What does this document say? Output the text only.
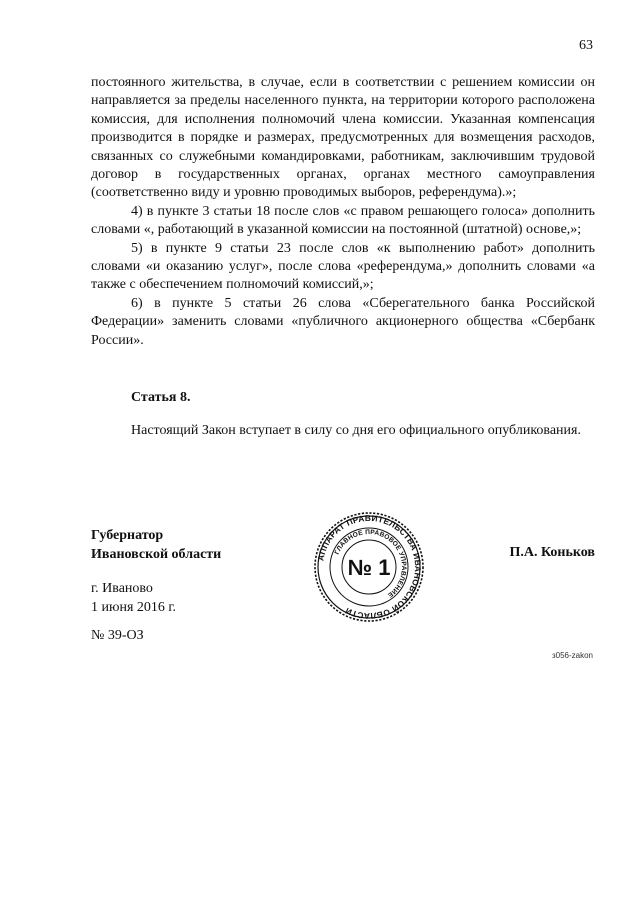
63

постоянного жительства, в случае, если в соответствии с решением комиссии он направляется за пределы населенного пункта, на территории которого расположена комиссия, для исполнения полномочий члена комиссии. Указанная компенсация производится в порядке и размерах, предусмотренных для возмещения расходов, связанных со служебными командировками, работникам, заключившим трудовой договор в государственных органах, органах местного самоуправления (соответственно виду и уровню проводимых выборов, референдума).»;

4) в пункте 3 статьи 18 после слов «с правом решающего голоса» дополнить словами «, работающий в указанной комиссии на постоянной (штатной) основе,»;

5) в пункте 9 статьи 23 после слов «к выполнению работ» дополнить словами «и оказанию услуг», после слова «референдума,» дополнить словами «а также с обеспечением полномочий комиссий,»;

6) в пункте 5 статьи 26 слова «Сберегательного банка Российской Федерации» заменить словами «публичного акционерного общества «Сбербанк России».

Статья 8.

Настоящий Закон вступает в силу со дня его официального опубликования.

Губернатор
Ивановской области	П.А. Коньков
г. Иваново
1 июня 2016 г.
№ 39-ОЗ
з056-zakon
АППАРАТ ПРАВИТЕЛЬСТВА ИВАНОВСКОЙ ОБЛАСТИ
ГЛАВНОЕ ПРАВОВОЕ УПРАВЛЕНИЕ
№ 1
